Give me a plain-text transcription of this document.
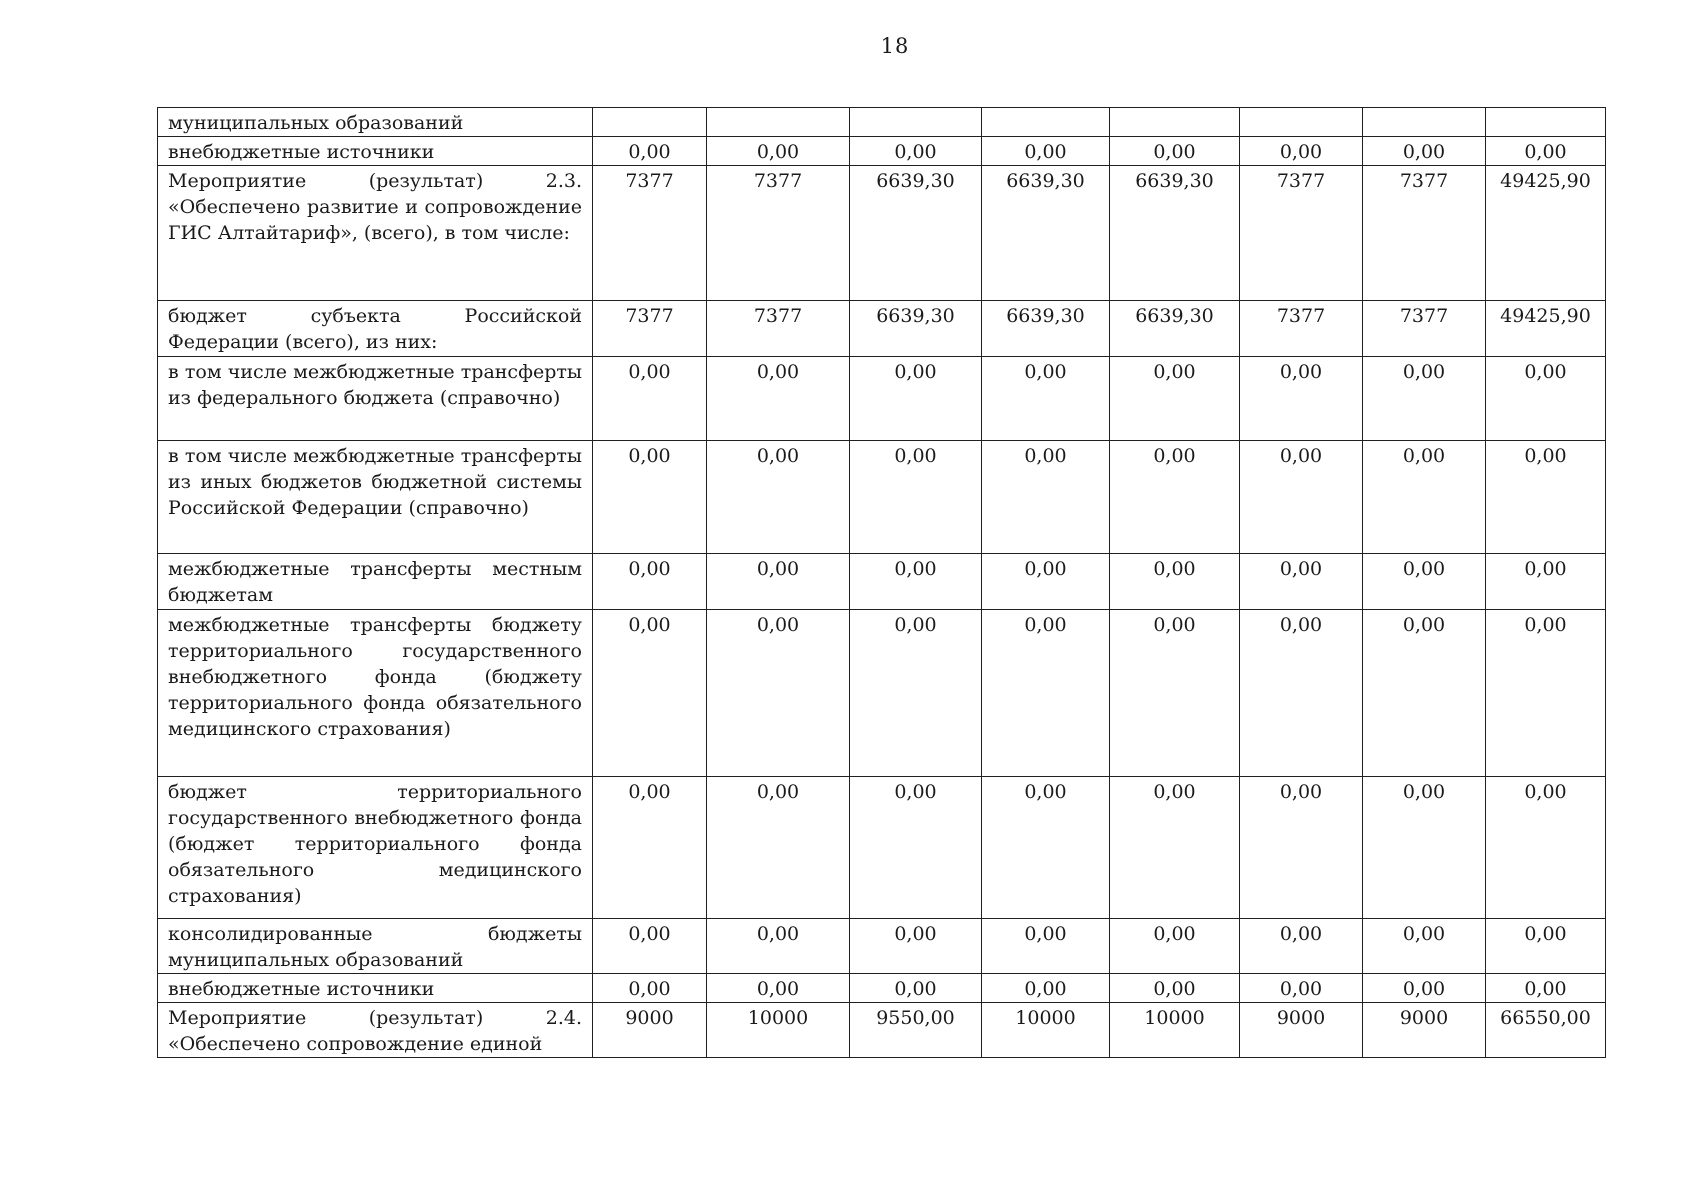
18
муниципальных образований								
внебюджетные источники	0,00	0,00	0,00	0,00	0,00	0,00	0,00	0,00
Мероприятие (результат) 2.3. «Обеспечено развитие и сопровождение ГИС Алтайтариф», (всего), в том числе:	7377	7377	6639,30	6639,30	6639,30	7377	7377	49425,90
бюджет субъекта Российской Федерации (всего), из них:	7377	7377	6639,30	6639,30	6639,30	7377	7377	49425,90
в том числе межбюджетные трансферты из федерального бюджета (справочно)	0,00	0,00	0,00	0,00	0,00	0,00	0,00	0,00
в том числе межбюджетные трансферты из иных бюджетов бюджетной системы Российской Федерации (справочно)	0,00	0,00	0,00	0,00	0,00	0,00	0,00	0,00
межбюджетные трансферты местным бюджетам	0,00	0,00	0,00	0,00	0,00	0,00	0,00	0,00
межбюджетные трансферты бюджету территориального государственного внебюджетного фонда (бюджету территориального фонда обязательного медицинского страхования)	0,00	0,00	0,00	0,00	0,00	0,00	0,00	0,00
бюджет территориального государственного внебюджетного фонда (бюджет территориального фонда обязательного медицинского страхования)	0,00	0,00	0,00	0,00	0,00	0,00	0,00	0,00
консолидированные бюджеты муниципальных образований	0,00	0,00	0,00	0,00	0,00	0,00	0,00	0,00
внебюджетные источники	0,00	0,00	0,00	0,00	0,00	0,00	0,00	0,00
Мероприятие (результат) 2.4. «Обеспечено сопровождение единой	9000	10000	9550,00	10000	10000	9000	9000	66550,00
